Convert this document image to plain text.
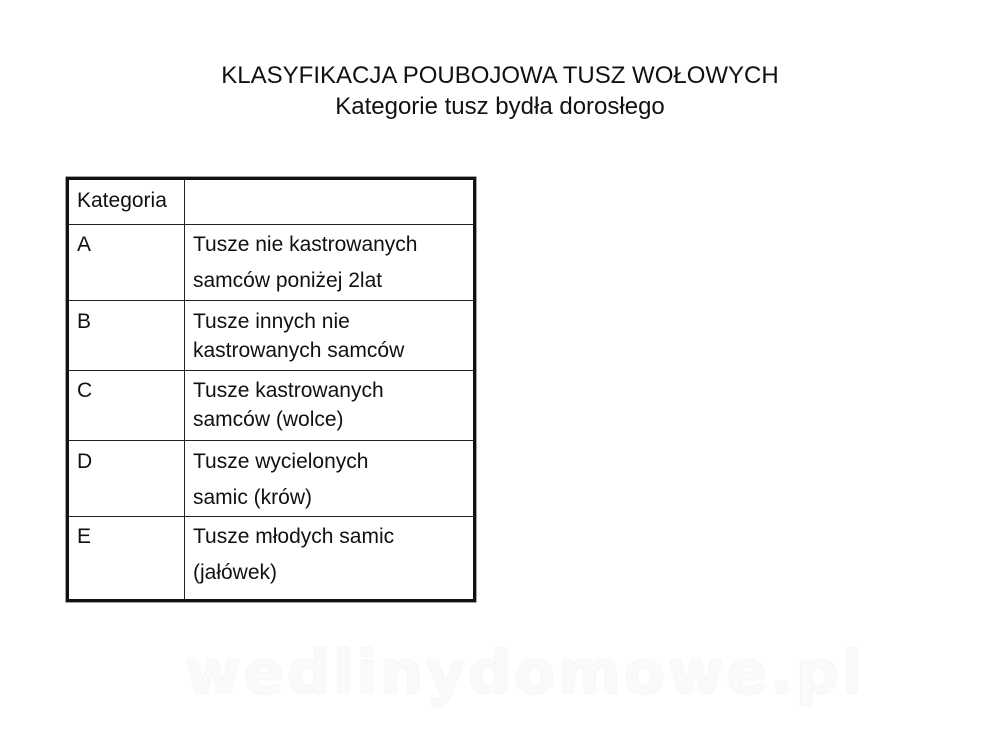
KLASYFIKACJA POUBOJOWA TUSZ WOŁOWYCH
Kategorie tusz bydła dorosłego
Kategoria	

A	Tusze nie kastrowanych
samców poniżej 2lat

B	Tusze innych nie
kastrowanych samców

C	Tusze kastrowanych
samców (wolce)

D	Tusze wycielonych
samic (krów)

E	Tusze młodych samic
(jałówek)
wedlinydomowe.pl
